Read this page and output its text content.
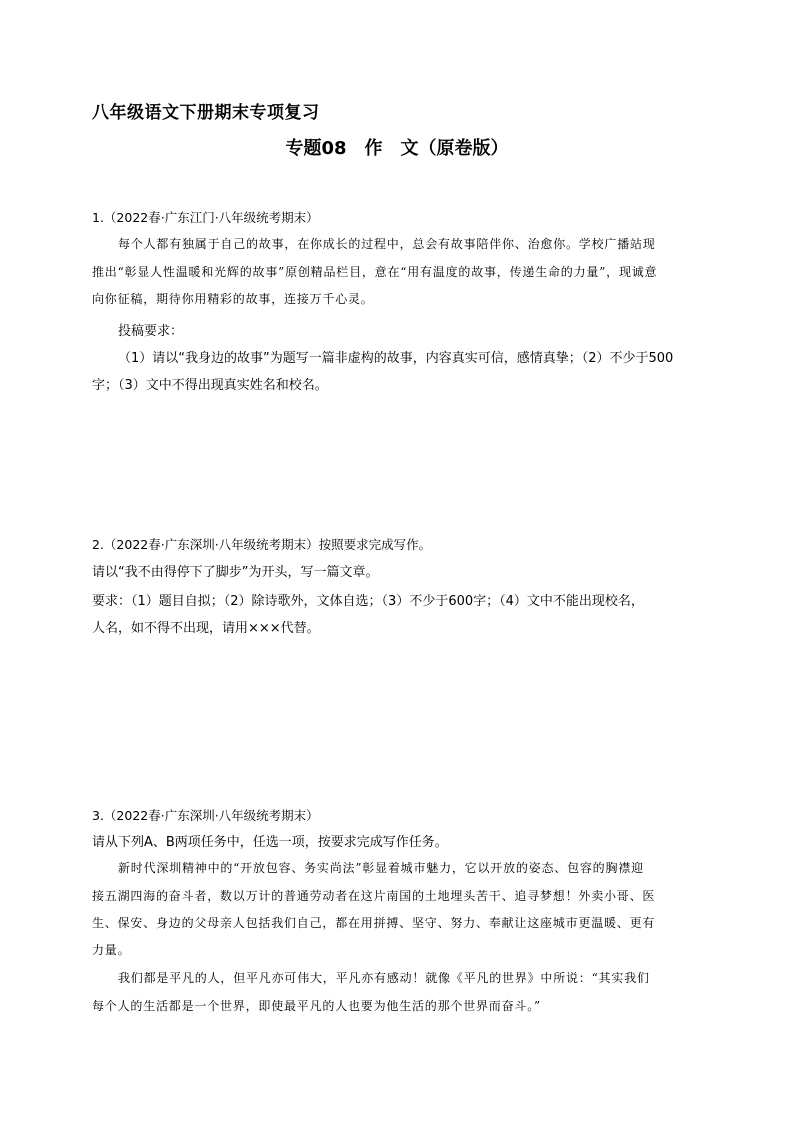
八年级语文下册期末专项复习
专题08　作　文（原卷版）
1.（2022春·广东江门·八年级统考期末）
每个人都有独属于自己的故事，在你成长的过程中，总会有故事陪伴你、治愈你。学校广播站现
推出“彰显人性温暖和光辉的故事”原创精品栏目，意在“用有温度的故事，传递生命的力量”，现诚意
向你征稿，期待你用精彩的故事，连接万千心灵。
投稿要求：
（1）请以“我身边的故事”为题写一篇非虚构的故事，内容真实可信，感情真挚；（2）不少于500
字；（3）文中不得出现真实姓名和校名。
2.（2022春·广东深圳·八年级统考期末）按照要求完成写作。
请以“我不由得停下了脚步”为开头，写一篇文章。
要求：（1）题目自拟；（2）除诗歌外，文体自选；（3）不少于600字；（4）文中不能出现校名，
人名，如不得不出现，请用×××代替。
3.（2022春·广东深圳·八年级统考期末）
请从下列A、B两项任务中，任选一项，按要求完成写作任务。
新时代深圳精神中的“开放包容、务实尚法”彰显着城市魅力，它以开放的姿态、包容的胸襟迎
接五湖四海的奋斗者，数以万计的普通劳动者在这片南国的土地埋头苦干、追寻梦想！外卖小哥、医
生、保安、身边的父母亲人包括我们自己，都在用拼搏、坚守、努力、奉献让这座城市更温暖、更有
力量。
我们都是平凡的人，但平凡亦可伟大，平凡亦有感动！就像《平凡的世界》中所说：“其实我们
每个人的生活都是一个世界，即使最平凡的人也要为他生活的那个世界而奋斗。”
